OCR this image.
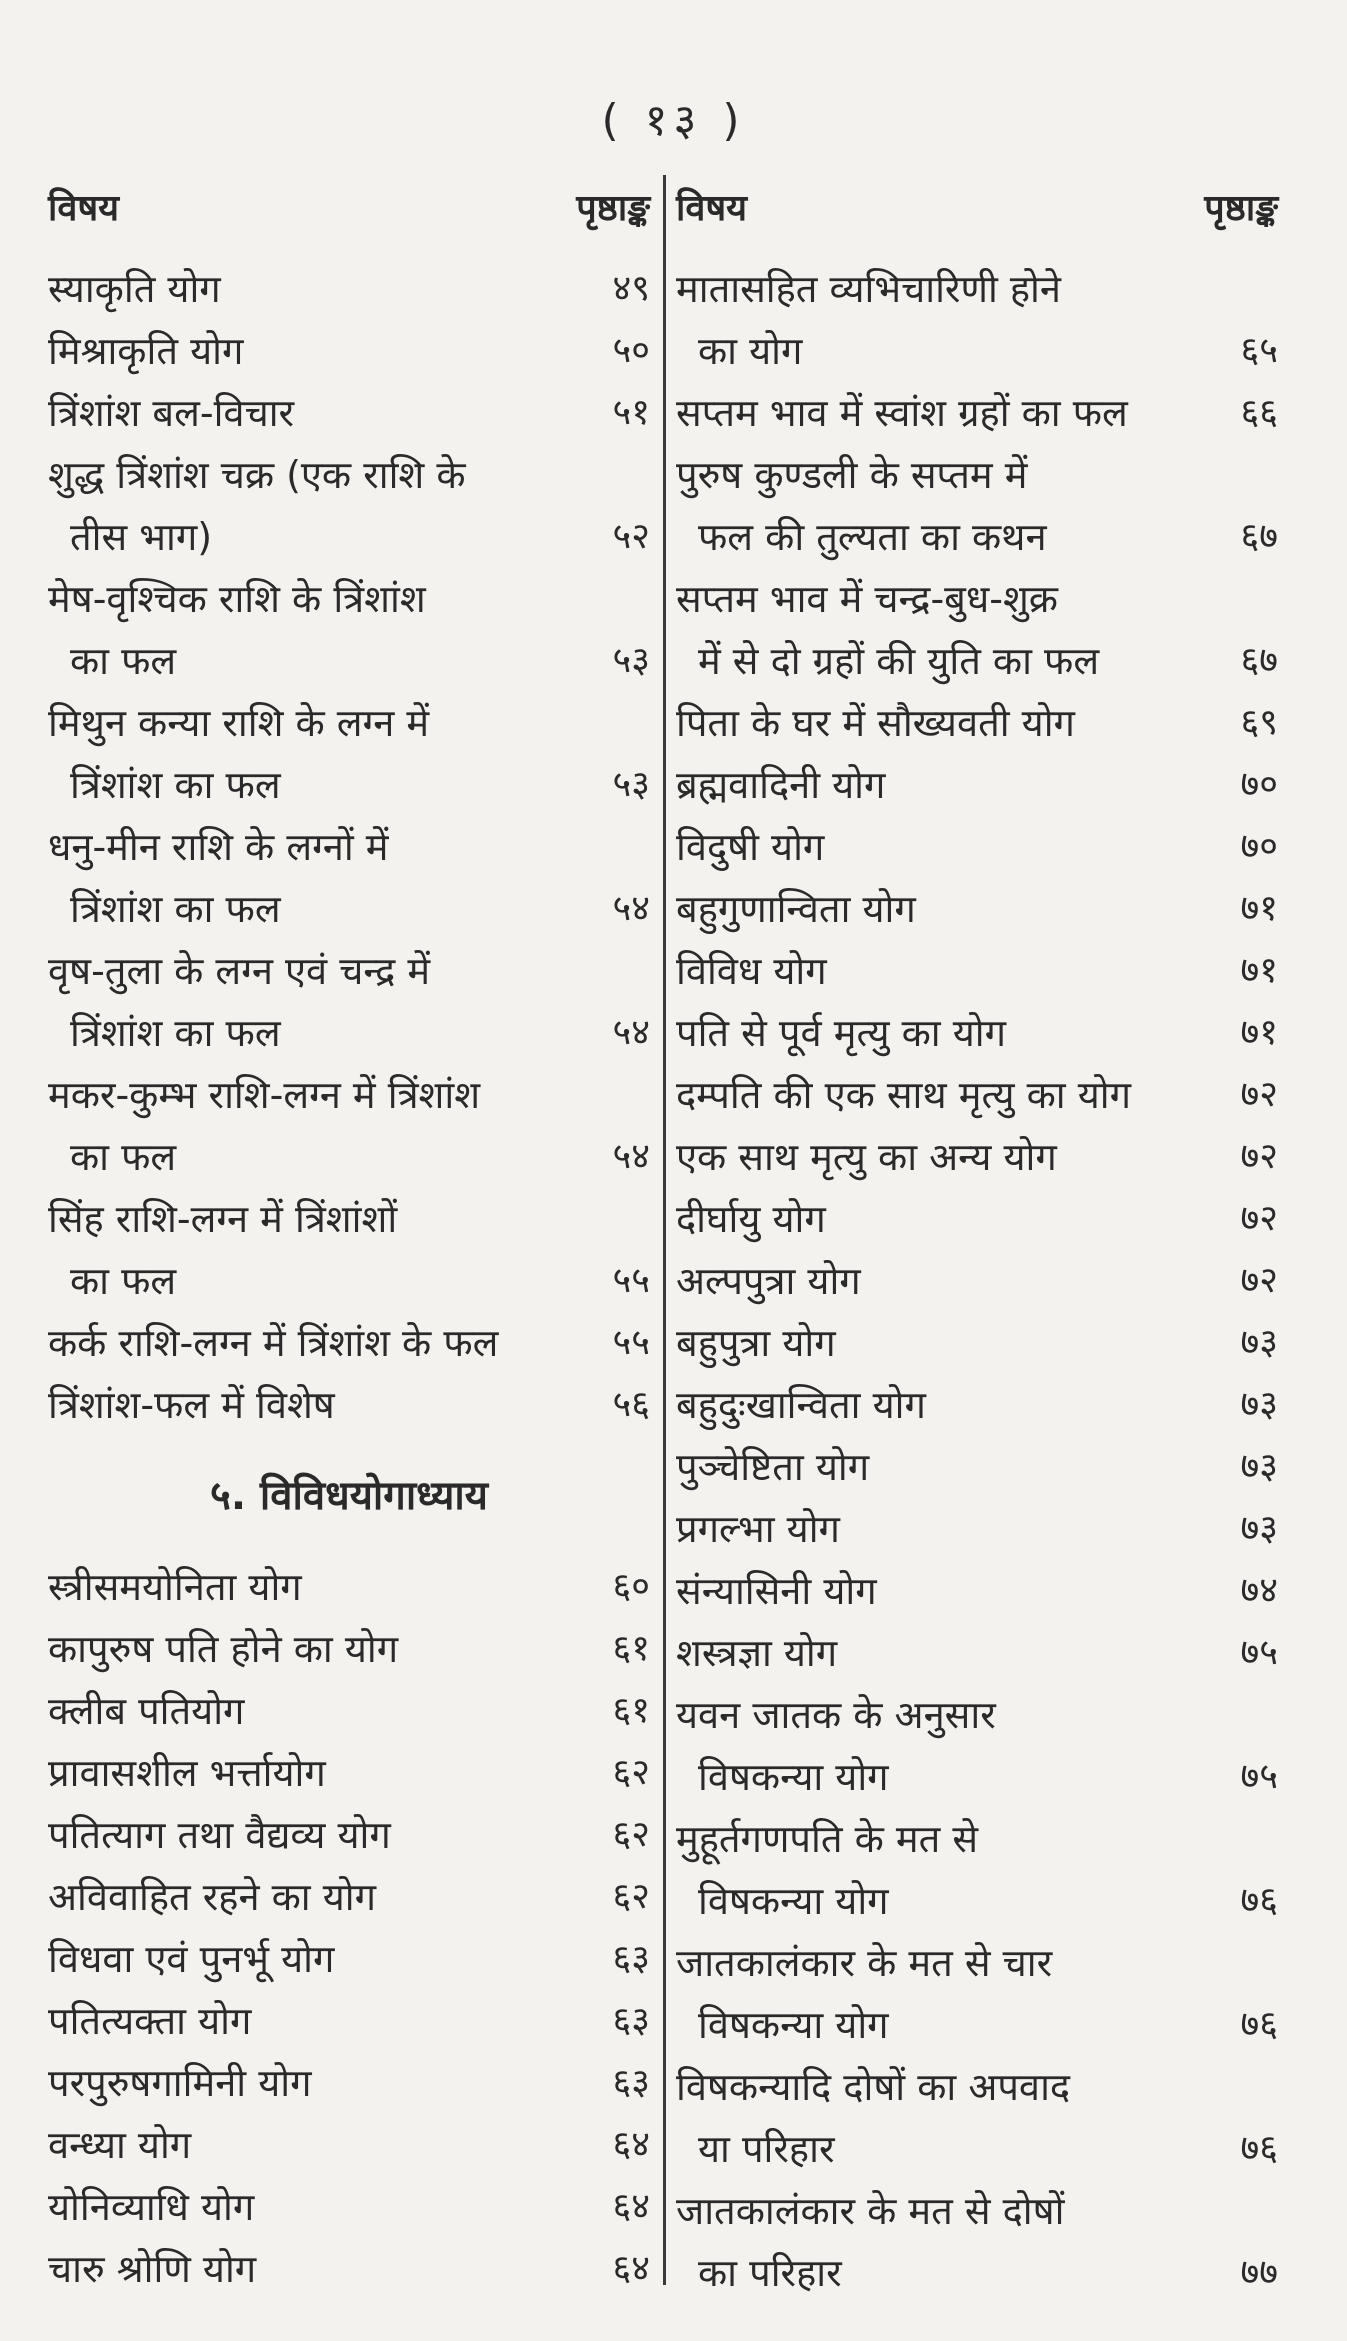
( १३ )
विषय	पृष्ठाङ्क
स्याकृति योग	४९
मिश्राकृति योग	५०
त्रिंशांश बल-विचार	५१
शुद्ध त्रिंशांश चक्र (एक राशि के
तीस भाग)	५२
मेष-वृश्चिक राशि के त्रिंशांश
का फल	५३
मिथुन कन्या राशि के लग्न में
त्रिंशांश का फल	५३
धनु-मीन राशि के लग्नों में
त्रिंशांश का फल	५४
वृष-तुला के लग्न एवं चन्द्र में
त्रिंशांश का फल	५४
मकर-कुम्भ राशि-लग्न में त्रिंशांश
का फल	५४
सिंह राशि-लग्न में त्रिंशांशों
का फल	५५
कर्क राशि-लग्न में त्रिंशांश के फल	५५
त्रिंशांश-फल में विशेष	५६
५. विविधयोगाध्याय
स्त्रीसमयोनिता योग	६०
कापुरुष पति होने का योग	६१
क्लीब पतियोग	६१
प्रावासशील भर्त्तायोग	६२
पतित्याग तथा वैद्यव्य योग	६२
अविवाहित रहने का योग	६२
विधवा एवं पुनर्भू योग	६३
पतित्यक्ता योग	६३
परपुरुषगामिनी योग	६३
वन्ध्या योग	६४
योनिव्याधि योग	६४
चारु श्रोणि योग	६४
विषय	पृष्ठाङ्क
मातासहित व्यभिचारिणी होने
का योग	६५
सप्तम भाव में स्वांश ग्रहों का फल	६६
पुरुष कुण्डली के सप्तम में
फल की तुल्यता का कथन	६७
सप्तम भाव में चन्द्र-बुध-शुक्र
में से दो ग्रहों की युति का फल	६७
पिता के घर में सौख्यवती योग	६९
ब्रह्मवादिनी योग	७०
विदुषी योग	७०
बहुगुणान्विता योग	७१
विविध योग	७१
पति से पूर्व मृत्यु का योग	७१
दम्पति की एक साथ मृत्यु का योग	७२
एक साथ मृत्यु का अन्य योग	७२
दीर्घायु योग	७२
अल्पपुत्रा योग	७२
बहुपुत्रा योग	७३
बहुदुःखान्विता योग	७३
पुञ्चेष्टिता योग	७३
प्रगल्भा योग	७३
संन्यासिनी योग	७४
शस्त्रज्ञा योग	७५
यवन जातक के अनुसार
विषकन्या योग	७५
मुहूर्तगणपति के मत से
विषकन्या योग	७६
जातकालंकार के मत से चार
विषकन्या योग	७६
विषकन्यादि दोषों का अपवाद
या परिहार	७६
जातकालंकार के मत से दोषों
का परिहार	७७
